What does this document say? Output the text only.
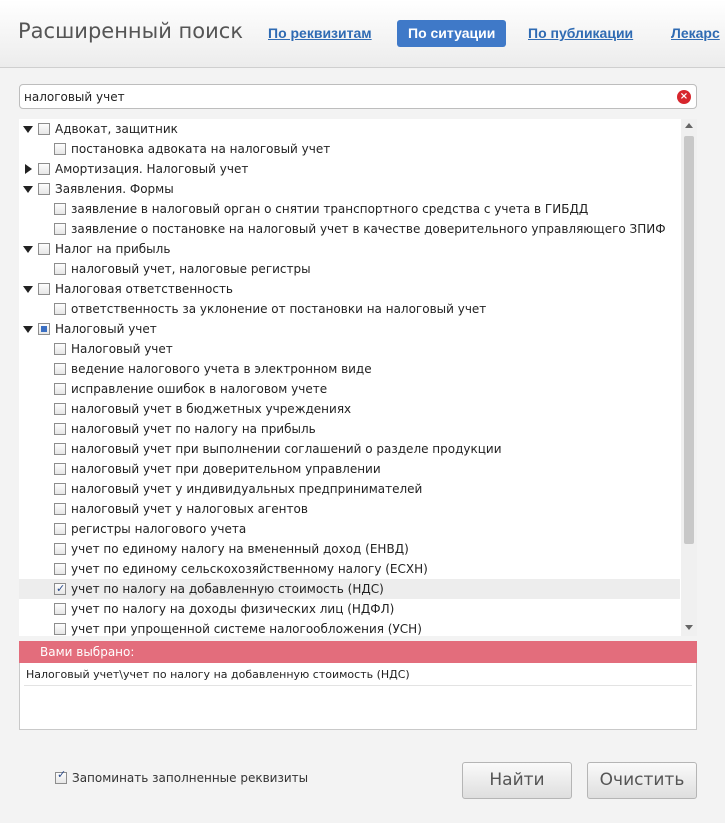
Расширенный поиск По реквизитам	По ситуации	По публикации	Лекарс
налоговый учет
×
Адвокат, защитник
постановка адвоката на налоговый учет
Амортизация. Налоговый учет
Заявления. Формы
заявление в налоговый орган о снятии транспортного средства с учета в ГИБДД
заявление о постановке на налоговый учет в качестве доверительного управляющего ЗПИФ
Налог на прибыль
налоговый учет, налоговые регистры
Налоговая ответственность
ответственность за уклонение от постановки на налоговый учет
Налоговый учет
Налоговый учет
ведение налогового учета в электронном виде
исправление ошибок в налоговом учете
налоговый учет в бюджетных учреждениях
налоговый учет по налогу на прибыль
налоговый учет при выполнении соглашений о разделе продукции
налоговый учет при доверительном управлении
налоговый учет у индивидуальных предпринимателей
налоговый учет у налоговых агентов
регистры налогового учета
учет по единому налогу на вмененный доход (ЕНВД)
учет по единому сельскохозяйственному налогу (ЕСХН)
✓
учет по налогу на добавленную стоимость (НДС)
учет по налогу на доходы физических лиц (НДФЛ)
учет при упрощенной системе налогообложения (УСН)
Вами выбрано:
Налоговый учет\учет по налогу на добавленную стоимость (НДС)
✓
Запоминать заполненные реквизиты	Найти	Очистить
